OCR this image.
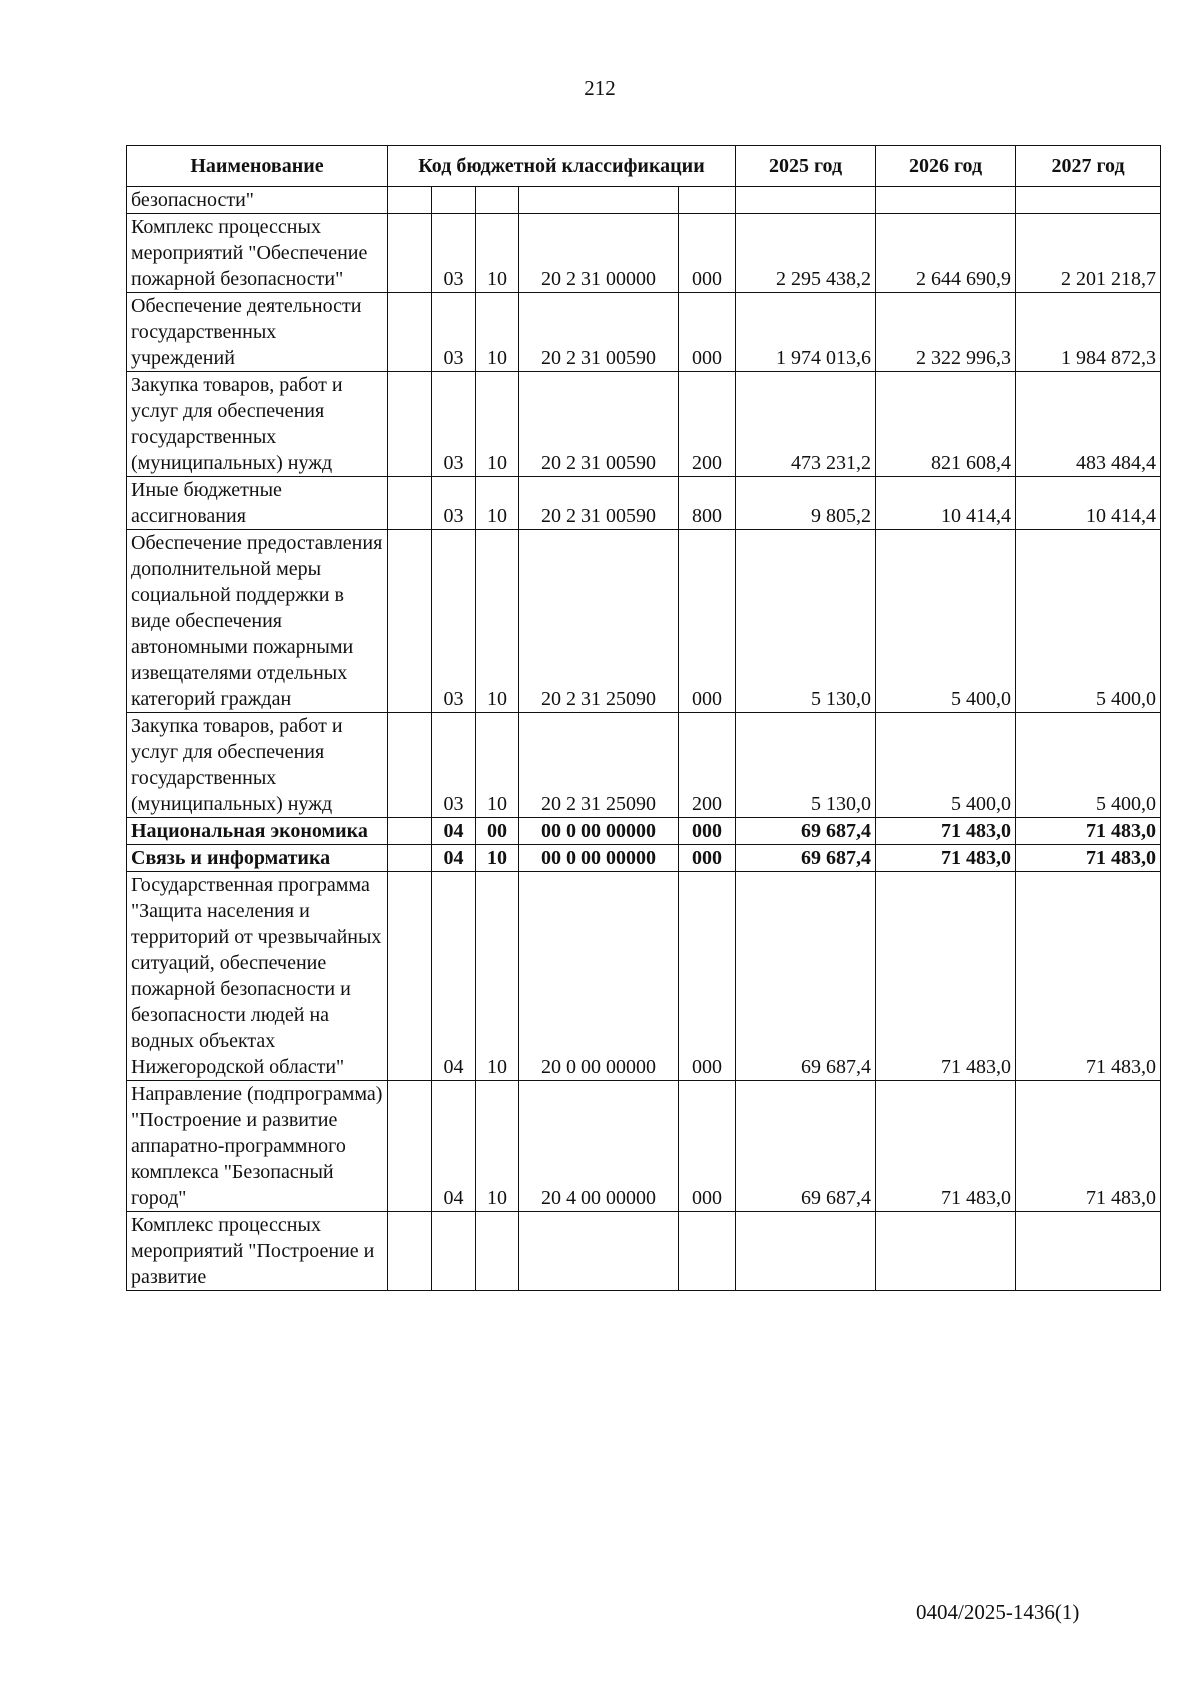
212
Наименование	Код бюджетной классификации					2025 год	2026 год	2027 год
безопасности"								
Комплекс процессных мероприятий "Обеспечение пожарной безопасности"		03	10	20 2 31 00000	000	2 295 438,2	2 644 690,9	2 201 218,7
Обеспечение деятельности государственных учреждений		03	10	20 2 31 00590	000	1 974 013,6	2 322 996,3	1 984 872,3
Закупка товаров, работ и услуг для обеспечения государственных (муниципальных) нужд		03	10	20 2 31 00590	200	473 231,2	821 608,4	483 484,4
Иные бюджетные ассигнования		03	10	20 2 31 00590	800	9 805,2	10 414,4	10 414,4
Обеспечение предоставления дополнительной меры социальной поддержки в виде обеспечения автономными пожарными извещателями отдельных категорий граждан		03	10	20 2 31 25090	000	5 130,0	5 400,0	5 400,0
Закупка товаров, работ и услуг для обеспечения государственных (муниципальных) нужд		03	10	20 2 31 25090	200	5 130,0	5 400,0	5 400,0
Национальная экономика		04	00	00 0 00 00000	000	69 687,4	71 483,0	71 483,0
Связь и информатика		04	10	00 0 00 00000	000	69 687,4	71 483,0	71 483,0
Государственная программа "Защита населения и территорий от чрезвычайных ситуаций, обеспечение пожарной безопасности и безопасности людей на водных объектах Нижегородской области"		04	10	20 0 00 00000	000	69 687,4	71 483,0	71 483,0
Направление (подпрограмма) "Построение и развитие аппаратно-программного комплекса "Безопасный город"		04	10	20 4 00 00000	000	69 687,4	71 483,0	71 483,0
Комплекс процессных мероприятий "Построение и развитие								
0404/2025-1436(1)
